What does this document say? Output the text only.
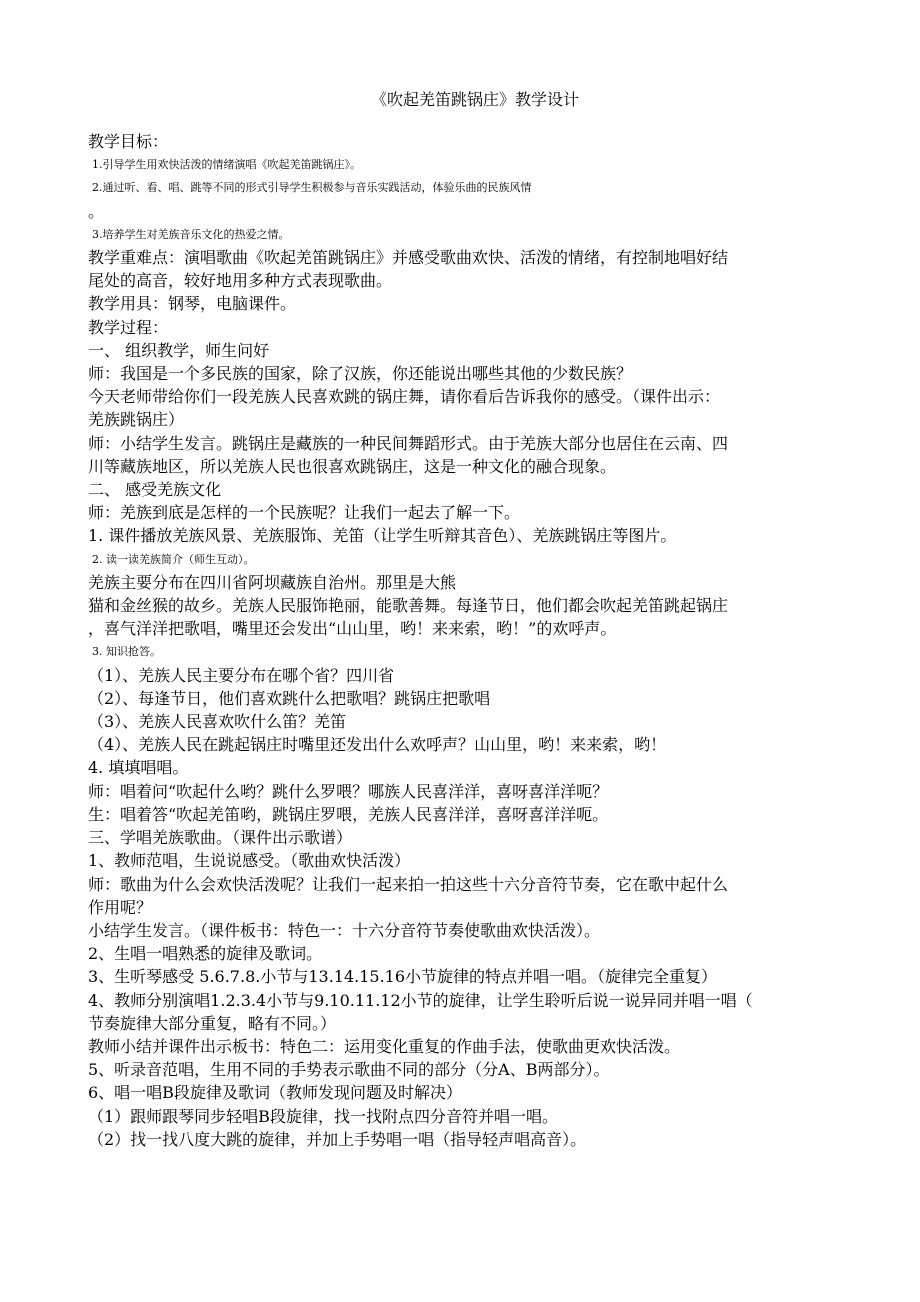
《吹起羌笛跳锅庄》教学设计
教学目标：
1.引导学生用欢快活泼的情绪演唱《吹起羌笛跳锅庄》。
2.通过听、看、唱、跳等不同的形式引导学生积极参与音乐实践活动，体验乐曲的民族风情
。
3.培养学生对羌族音乐文化的热爱之情。
教学重难点：演唱歌曲《吹起羌笛跳锅庄》并感受歌曲欢快、活泼的情绪，有控制地唱好结
尾处的高音，较好地用多种方式表现歌曲。
教学用具：钢琴，电脑课件。
教学过程：
一、 组织教学，师生问好
师：我国是一个多民族的国家，除了汉族，你还能说出哪些其他的少数民族？
今天老师带给你们一段羌族人民喜欢跳的锅庄舞，请你看后告诉我你的感受。（课件出示：
羌族跳锅庄）
师：小结学生发言。跳锅庄是藏族的一种民间舞蹈形式。由于羌族大部分也居住在云南、四
川等藏族地区，所以羌族人民也很喜欢跳锅庄，这是一种文化的融合现象。
二、 感受羌族文化
师：羌族到底是怎样的一个民族呢？让我们一起去了解一下。
1. 课件播放羌族风景、羌族服饰、羌笛（让学生听辩其音色）、羌族跳锅庄等图片。
2. 读一读羌族简介（师生互动）。
羌族主要分布在四川省阿坝藏族自治州。那里是大熊
猫和金丝猴的故乡。羌族人民服饰艳丽，能歌善舞。每逢节日，他们都会吹起羌笛跳起锅庄
，喜气洋洋把歌唱，嘴里还会发出“山山里，哟！来来索，哟！”的欢呼声。
3. 知识抢答。
（1）、羌族人民主要分布在哪个省？四川省
（2）、每逢节日，他们喜欢跳什么把歌唱？跳锅庄把歌唱
（3）、羌族人民喜欢吹什么笛？羌笛
（4）、羌族人民在跳起锅庄时嘴里还发出什么欢呼声？山山里，哟！来来索，哟！
4. 填填唱唱。
师：唱着问“吹起什么哟？跳什么罗喂？哪族人民喜洋洋，喜呀喜洋洋呃？
生：唱着答“吹起羌笛哟，跳锅庄罗喂，羌族人民喜洋洋，喜呀喜洋洋呃。
三、学唱羌族歌曲。（课件出示歌谱）
1、教师范唱，生说说感受。（歌曲欢快活泼）
师：歌曲为什么会欢快活泼呢？让我们一起来拍一拍这些十六分音符节奏，它在歌中起什么
作用呢？
小结学生发言。（课件板书：特色一：十六分音符节奏使歌曲欢快活泼）。
2、生唱一唱熟悉的旋律及歌词。
3、生听琴感受 5.6.7.8.小节与13.14.15.16小节旋律的特点并唱一唱。（旋律完全重复）
4、教师分别演唱1.2.3.4小节与9.10.11.12小节的旋律，让学生聆听后说一说异同并唱一唱（
节奏旋律大部分重复，略有不同。）
教师小结并课件出示板书：特色二：运用变化重复的作曲手法，使歌曲更欢快活泼。
5、听录音范唱，生用不同的手势表示歌曲不同的部分（分A、B两部分）。
6、唱一唱B段旋律及歌词（教师发现问题及时解决）
（1）跟师跟琴同步轻唱B段旋律，找一找附点四分音符并唱一唱。
（2）找一找八度大跳的旋律，并加上手势唱一唱（指导轻声唱高音）。
